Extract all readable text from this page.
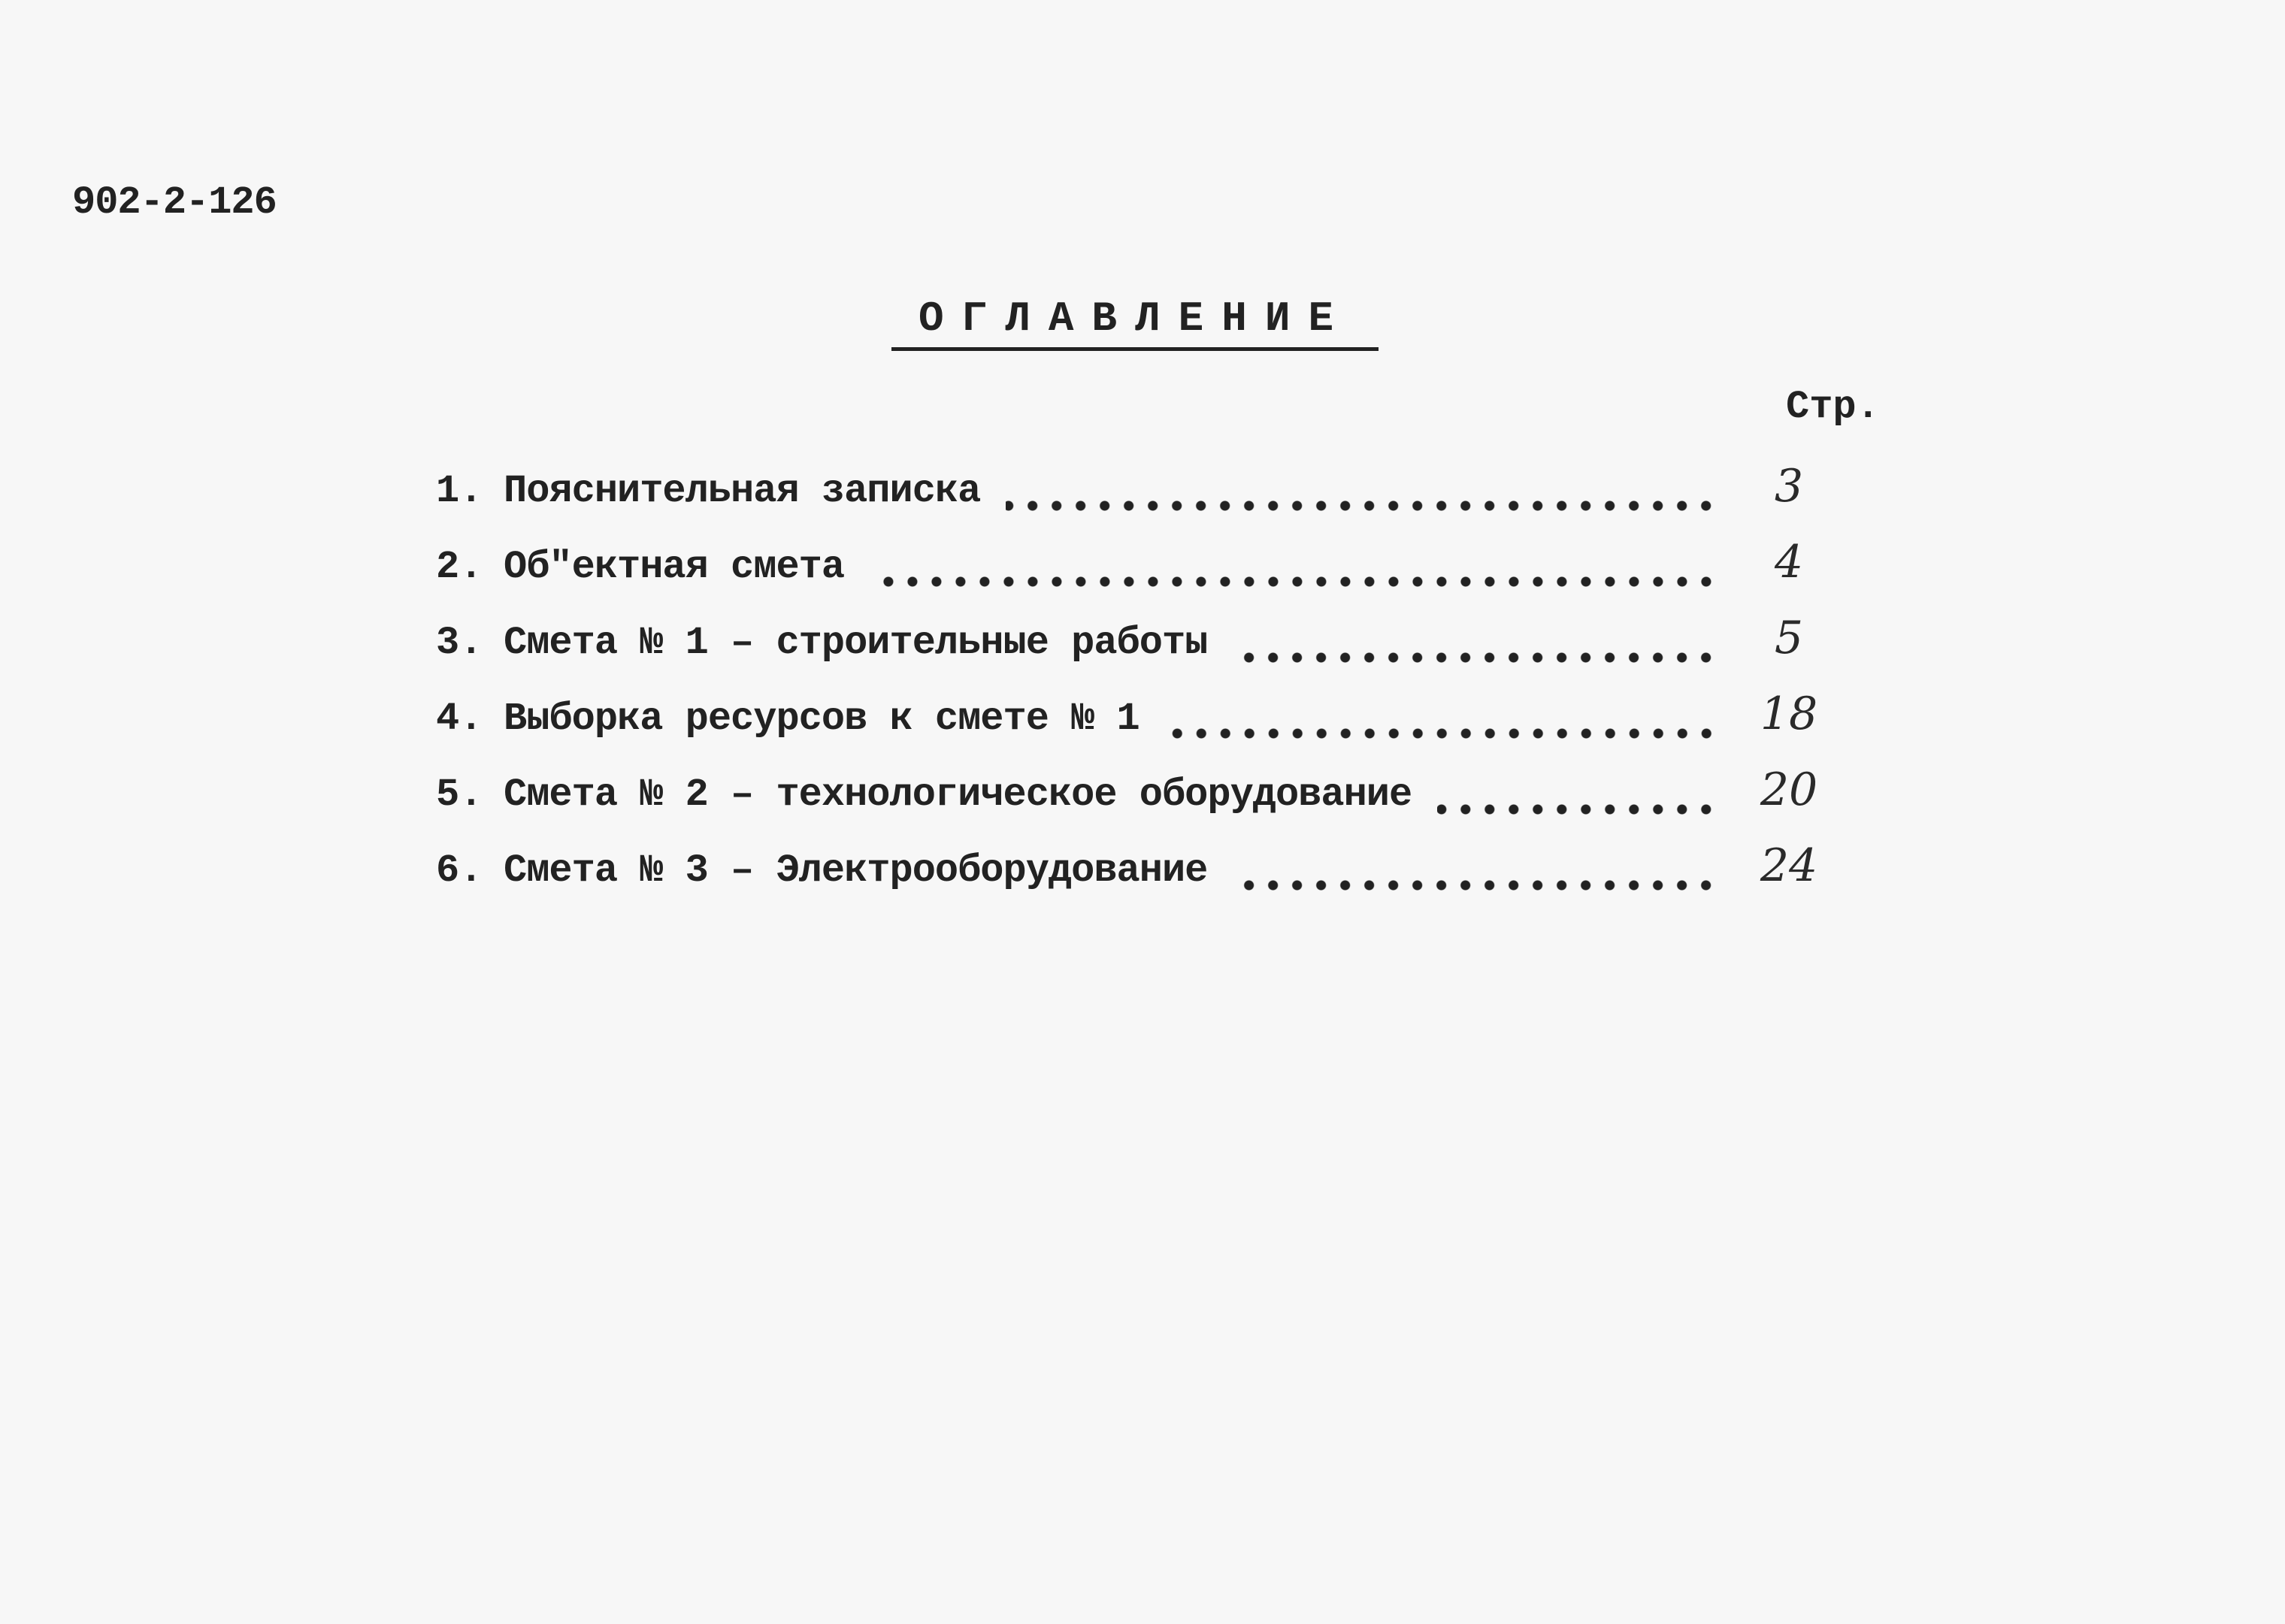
902-2-126
ОГЛАВЛЕНИЕ
Стр.
1. Пояснительная записка	3
2. Об"ектная смета	4
3. Смета № 1 – строительные работы	5
4. Выборка ресурсов к смете № 1	18
5. Смета № 2 – технологическое оборудование	20
6. Смета № 3 – Электрооборудование	24
